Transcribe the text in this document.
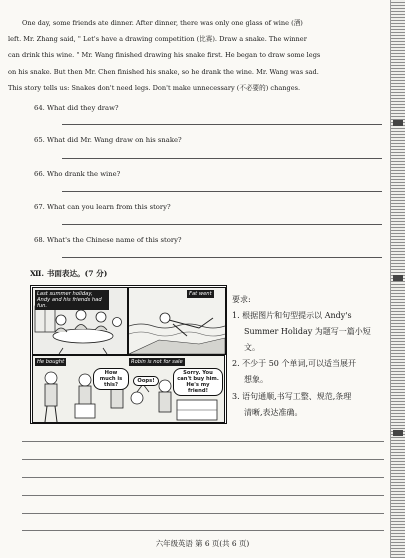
One day, some friends ate dinner. After dinner, there was only one glass of wine (酒)
left. Mr. Zhang said, " Let's have a drawing competition (比赛). Draw a snake. The winner
can drink this wine. " Mr. Wang finished drawing his snake first. He began to draw some legs
on his snake. But then Mr. Chen finished his snake, so he drank the wine. Mr. Wang was sad.
This story tells us: Snakes don't need legs. Don't make unnecessary (不必要的) changes.
64. What did they draw?
65. What did Mr. Wang draw on his snake?
66. Who drank the wine?
67. What can you learn from this story?
68. What's the Chinese name of this story?
Ⅻ. 书面表达。(7 分)
Last summer holiday, Andy and his friends had fun.
Fat went
He bought	Robin is not for sale
How much is this?
Sorry. You can't buy him. He's my friend!
Oops!
要求:
1. 根据图片和句型提示以 Andy's
Summer Holiday 为题写一篇小短
文。
2. 不少于 50 个单词,可以适当展开
想象。
3. 语句通顺,书写工整、规范,条理
清晰,表达准确。
六年级英语 第 6 页(共 6 页)
